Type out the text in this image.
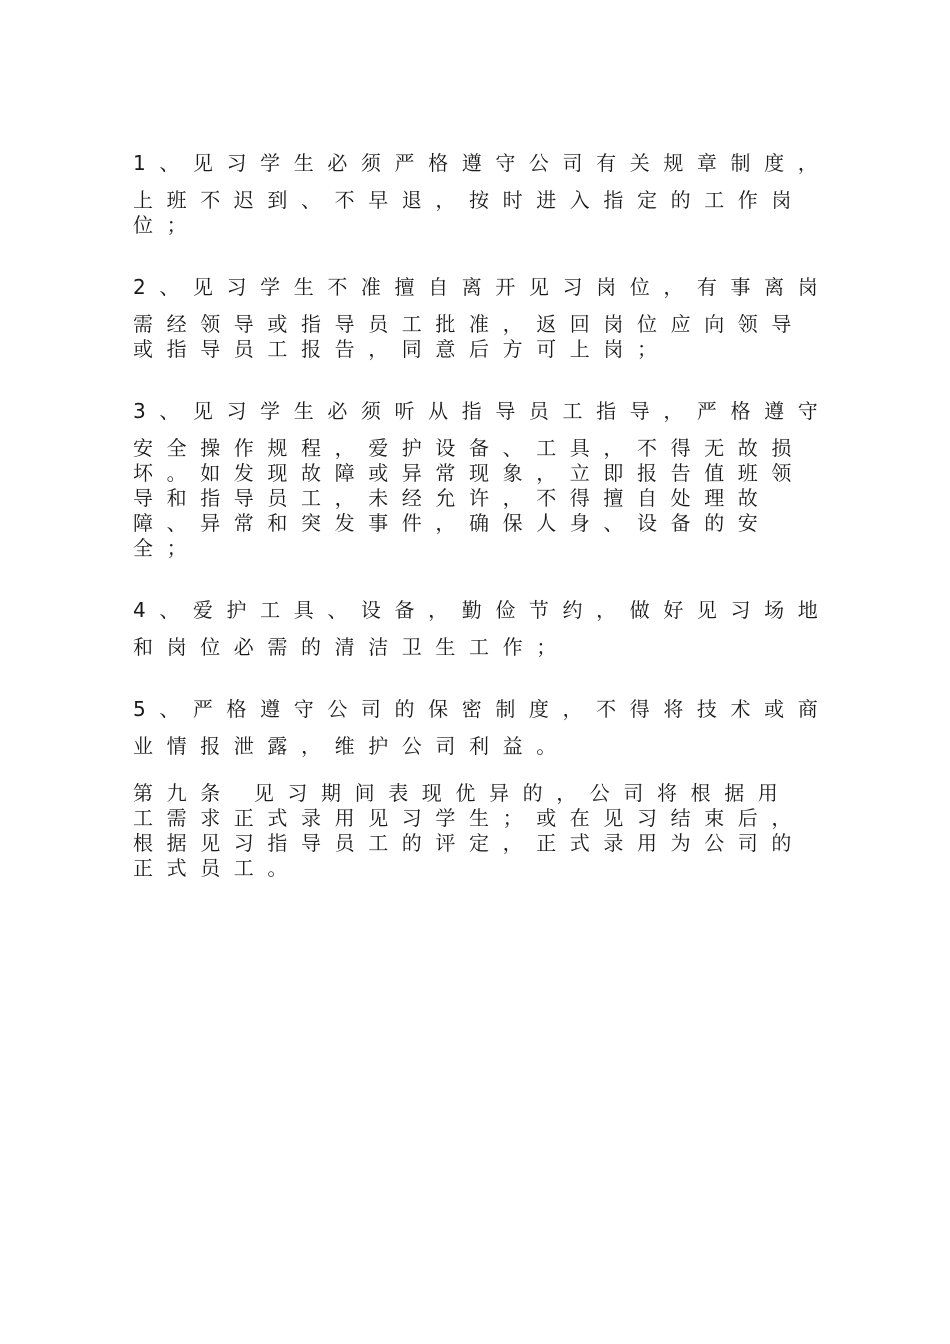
1、见习学生必须严格遵守公司有关规章制度，

上班不迟到、不早退，按时进入指定的工作岗位；

2、见习学生不准擅自离开见习岗位，有事离岗

需经领导或指导员工批准，返回岗位应向领导或指导员工报告，同意后方可上岗；

3、见习学生必须听从指导员工指导，严格遵守

安全操作规程，爱护设备、工具，不得无故损坏。如发现故障或异常现象，立即报告值班领导和指导员工，未经允许，不得擅自处理故障、异常和突发事件，确保人身、设备的安全；

4、爱护工具、设备，勤俭节约，做好见习场地

和岗位必需的清洁卫生工作；

5、严格遵守公司的保密制度，不得将技术或商

业情报泄露，维护公司利益。

第九条 见习期间表现优异的，公司将根据用工需求正式录用见习学生；或在见习结束后，根据见习指导员工的评定，正式录用为公司的正式员工。
